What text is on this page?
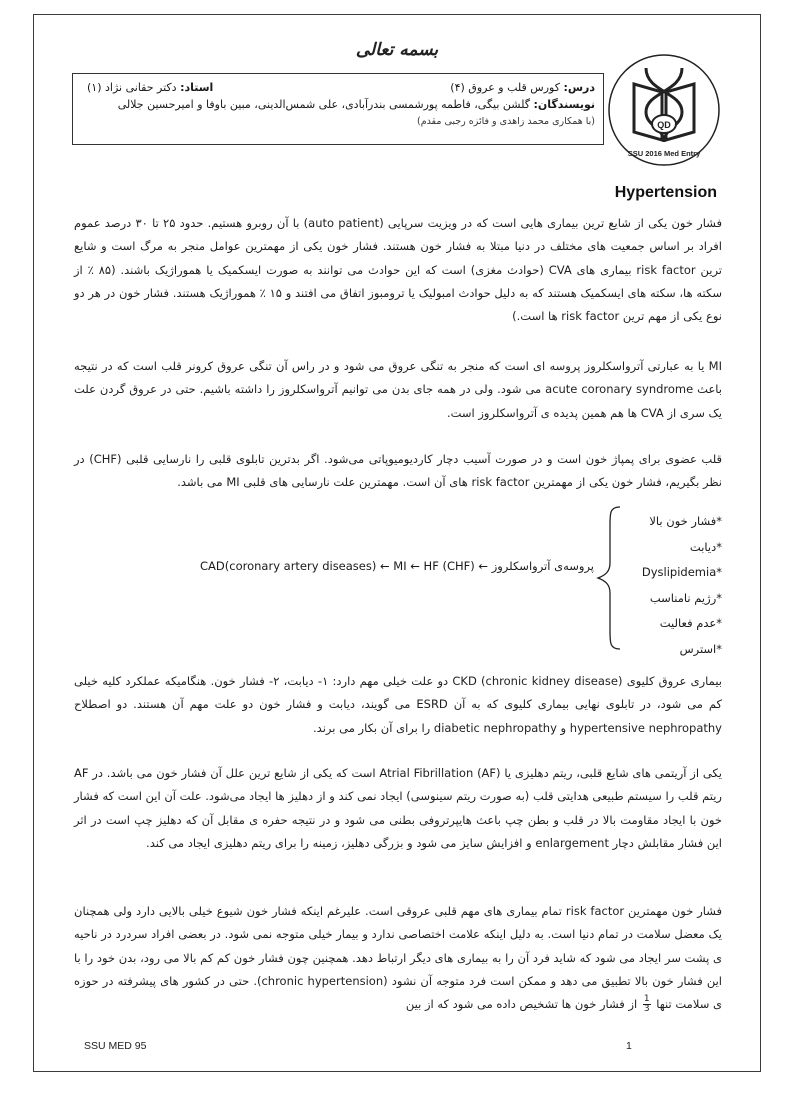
بسمه تعالی
درس: کورس قلب و عروق (۴)
استاد: دکتر حقانی نژاد (۱)
نویسندگان: گلشن بیگی، فاطمه پورشمسی بندرآبادی، علی شمس‌الدینی، مبین باوفا و امیرحسین جلالی
(با همکاری محمد زاهدی و فائزه رجبی مقدم)	QD
SSU 2016 Med Entry
Hypertension

فشار خون یکی از شایع ترین بیماری هایی است که در ویزیت سرپایی (auto patient) با آن روبرو هستیم. حدود ۲۵ تا ۳۰ درصد عموم افراد بر اساس جمعیت های مختلف در دنیا مبتلا به فشار خون هستند. فشار خون یکی از مهمترین عوامل منجر به مرگ است و شایع ترین risk factor بیماری های CVA (حوادث مغزی) است که این حوادث می توانند به صورت ایسکمیک یا هموراژیک باشند. (۸۵ ٪ از سکته ها، سکته های ایسکمیک هستند که به دلیل حوادث امبولیک یا ترومبوز اتفاق می افتند و ۱۵ ٪ هموراژیک هستند. فشار خون در هر دو نوع یکی از مهم ترین risk factor ها است.)

MI یا به عبارتی آترواسکلروز پروسه ای است که منجر به تنگی عروق می شود و در راس آن تنگی عروق کرونر قلب است که در نتیجه باعث acute coronary syndrome می شود. ولی در همه جای بدن می توانیم آترواسکلروز را داشته باشیم. حتی در عروق گردن علت یک سری از CVA ها هم همین پدیده ی آترواسکلروز است.

قلب عضوی برای پمپاژ خون است و در صورت آسیب دچار کاردیومیوپاتی می‌شود. اگر بدترین تابلوی قلبی را نارسایی قلبی (CHF) در نظر بگیریم، فشار خون یکی از مهمترین risk factor های آن است. مهمترین علت نارسایی های قلبی MI می باشد.

*فشار خون بالا
*دیابت
*Dyslipidemia
*رژیم نامناسب
*عدم فعالیت
*استرس
پروسه‌ی آترواسکلروز ← CAD(coronary artery diseases) ← MI ← HF (CHF)

بیماری عروق کلیوی CKD (chronic kidney disease) دو علت خیلی مهم دارد: ۱- دیابت، ۲- فشار خون. هنگامیکه عملکرد کلیه خیلی کم می شود، در تابلوی نهایی بیماری کلیوی که به آن ESRD می گویند، دیابت و فشار خون دو علت مهم آن هستند. دو اصطلاح hypertensive nephropathy و diabetic nephropathy را برای آن بکار می برند.

یکی از آریتمی های شایع قلبی، ریتم دهلیزی یا Atrial Fibrillation (AF) است که یکی از شایع ترین علل آن فشار خون می باشد. در AF ریتم قلب را سیستم طبیعی هدایتی قلب (به صورت ریتم سینوسی) ایجاد نمی کند و از دهلیز ها ایجاد می‌شود. علت آن این است که فشار خون با ایجاد مقاومت بالا در قلب و بطن چپ باعث هایپرتروفی بطنی می شود و در نتیجه حفره ی مقابل آن که دهلیز چپ است در اثر این فشار مقابلش دچار enlargement و افزایش سایز می شود و بزرگی دهلیز، زمینه را برای ریتم دهلیزی ایجاد می کند.

فشار خون مهمترین risk factor تمام بیماری های مهم قلبی عروقی است. علیرغم اینکه فشار خون شیوع خیلی بالایی دارد ولی همچنان یک معضل سلامت در تمام دنیا است. به دلیل اینکه علامت اختصاصی ندارد و بیمار خیلی متوجه نمی شود. در بعضی افراد سردرد در ناحیه ی پشت سر ایجاد می شود که شاید فرد آن را به بیماری های دیگر ارتباط دهد. همچنین چون فشار خون کم کم بالا می رود، بدن خود را با این فشار خون بالا تطبیق می دهد و ممکن است فرد متوجه آن نشود (chronic hypertension). حتی در کشور های پیشرفته در حوزه ی سلامت تنها
$\frac{1}{3}$
از فشار خون ها تشخیص داده می شود که از بین

SSU MED 95	1
